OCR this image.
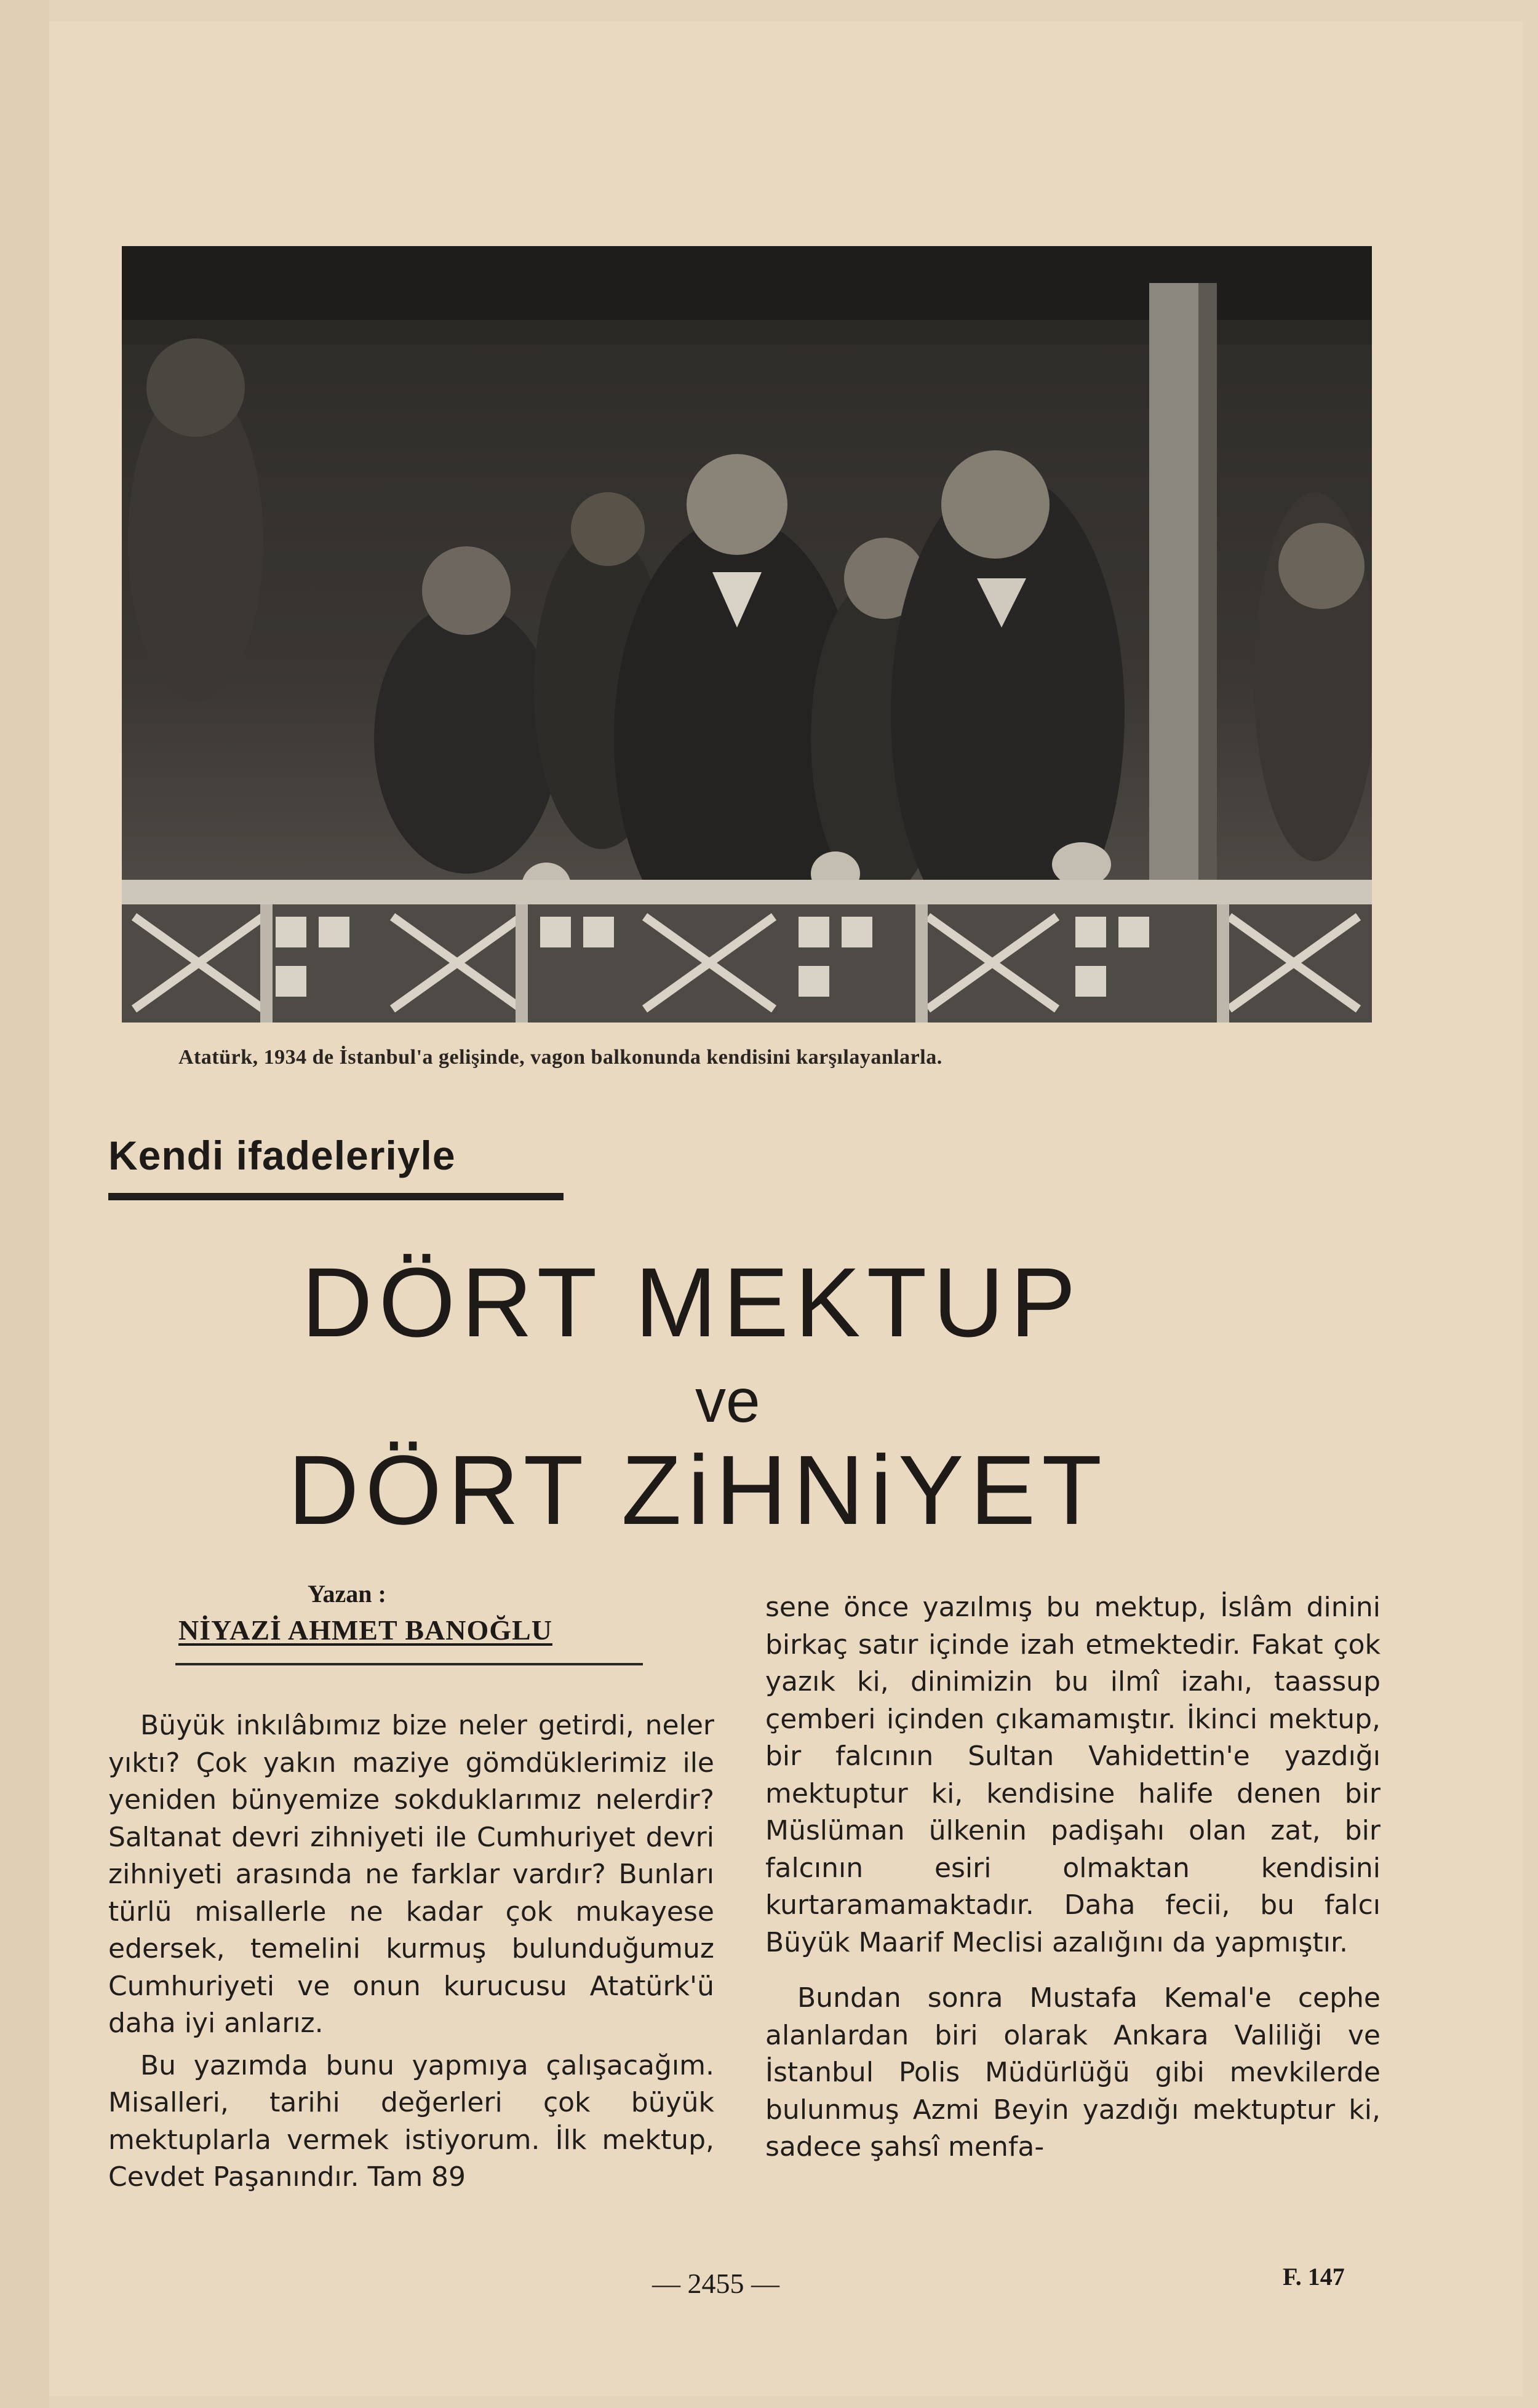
Atatürk, 1934 de İstanbul'a gelişinde, vagon balkonunda kendisini karşılayanlarla.
Kendi ifadeleriyle
DÖRT MEKTUP
ve
DÖRT ZiHNiYET
Yazan :
NİYAZİ AHMET BANOĞLU

Büyük inkılâbımız bize neler getirdi, neler yıktı? Çok yakın maziye gömdüklerimiz ile yeniden bünyemize sokduklarımız nelerdir? Saltanat devri zihniyeti ile Cumhuriyet devri zihniyeti arasında ne farklar vardır? Bunları türlü misallerle ne kadar çok mukayese edersek, temelini kurmuş bulunduğumuz Cumhuriyeti ve onun kurucusu Atatürk'ü daha iyi anlarız.

Bu yazımda bunu yapmıya çalışacağım. Misalleri, tarihi değerleri çok büyük mektuplarla vermek istiyorum. İlk mektup, Cevdet Paşanındır. Tam 89

sene önce yazılmış bu mektup, İslâm dinini birkaç satır içinde izah etmektedir. Fakat çok yazık ki, dinimizin bu ilmî izahı, taassup çemberi içinden çıkamamıştır. İkinci mektup, bir falcının Sultan Vahidettin'e yazdığı mektuptur ki, kendisine halife denen bir Müslüman ülkenin padişahı olan zat, bir falcının esiri olmaktan kendisini kurtaramamaktadır. Daha fecii, bu falcı Büyük Maarif Meclisi azalığını da yapmıştır.

Bundan sonra Mustafa Kemal'e cephe alanlardan biri olarak Ankara Valiliği ve İstanbul Polis Müdürlüğü gibi mevkilerde bulunmuş Azmi Beyin yazdığı mektuptur ki, sadece şahsî menfa-

— 2455 —	F. 147
